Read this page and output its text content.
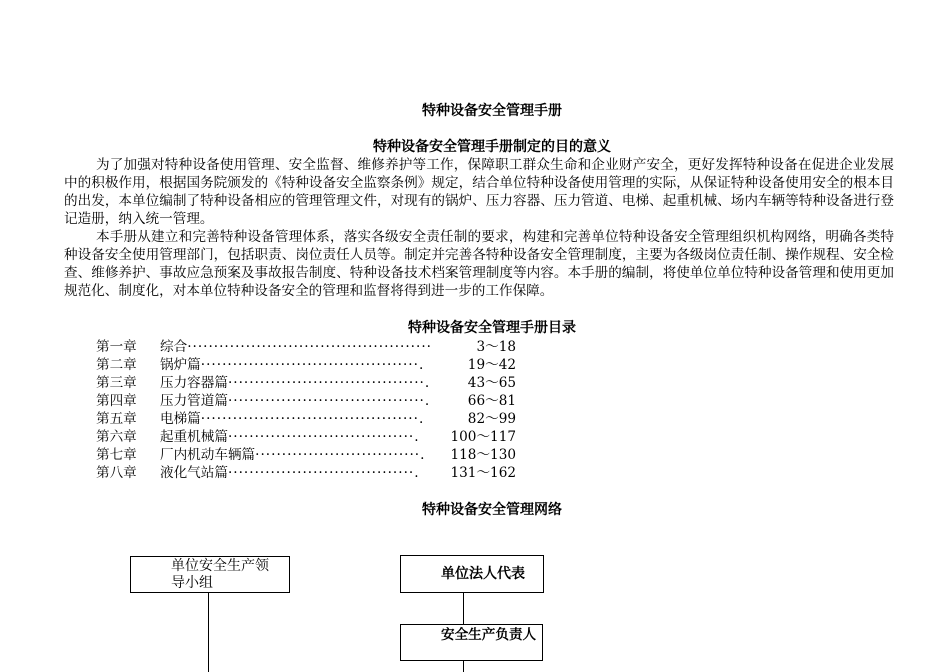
特种设备安全管理手册
特种设备安全管理手册制定的目的意义

为了加强对特种设备使用管理、安全监督、维修养护等工作，保障职工群众生命和企业财产安全，更好发挥特种设备在促进企业发展中的积极作用，根据国务院颁发的《特种设备安全监察条例》规定，结合单位特种设备使用管理的实际，从保证特种设备使用安全的根本目的出发，本单位编制了特种设备相应的管理管理文件，对现有的锅炉、压力容器、压力管道、电梯、起重机械、场内车辆等特种设备进行登记造册，纳入统一管理。

本手册从建立和完善特种设备管理体系，落实各级安全责任制的要求，构建和完善单位特种设备安全管理组织机构网络，明确各类特种设备安全使用管理部门，包括职责、岗位责任人员等。制定并完善各特种设备安全管理制度，主要为各级岗位责任制、操作规程、安全检查、维修养护、事故应急预案及事故报告制度、特种设备技术档案管理制度等内容。本手册的编制，将使单位单位特种设备管理和使用更加规范化、制度化，对本单位特种设备安全的管理和监督将得到进一步的工作保障。

特种设备安全管理手册目录
第一章	综合 ··············································	3～18
第二章	锅炉篇 ·········································.	19～42
第三章	压力容器篇 ·····································.	43～65
第四章	压力管道篇 ·····································.	66～81
第五章	电梯篇 ·········································.	82～99
第六章	起重机械篇 ···································.	100～117
第七章	厂内机动车辆篇 ·······························.	118～130
第八章	液化气站篇 ···································.	131～162
特种设备安全管理网络
单位安全生产领导小组
单位法人代表
安全生产负责人
